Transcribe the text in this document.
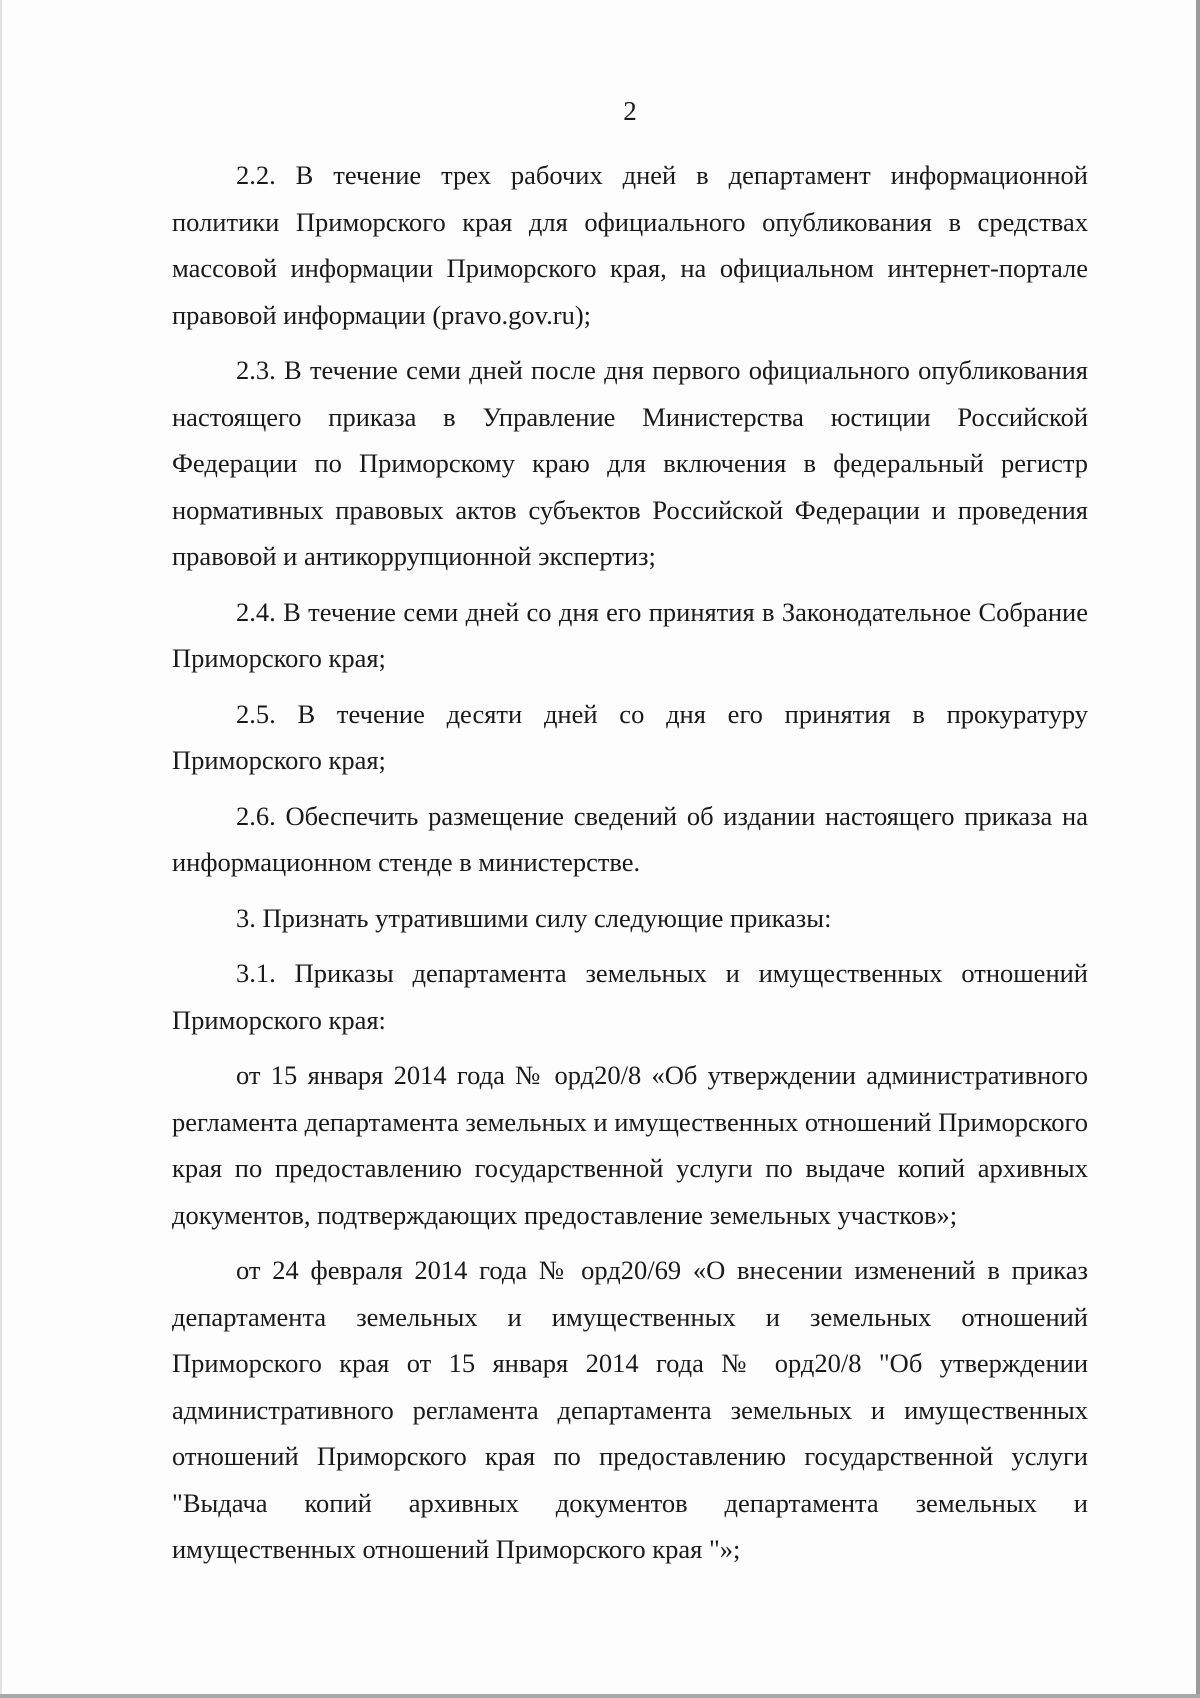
2

2.2. В течение трех рабочих дней в департамент информационной политики Приморского края для официального опубликования в средствах массовой информации Приморского края, на официальном интернет-портале правовой информации (pravo.gov.ru);

2.3. В течение семи дней после дня первого официального опубликования настоящего приказа в Управление Министерства юстиции Российской Федерации по Приморскому краю для включения в федеральный регистр нормативных правовых актов субъектов Российской Федерации и проведения правовой и антикоррупционной экспертиз;

2.4. В течение семи дней со дня его принятия в Законодательное Собрание Приморского края;

2.5. В течение десяти дней со дня его принятия в прокуратуру Приморского края;

2.6. Обеспечить размещение сведений об издании настоящего приказа на информационном стенде в министерстве.

3. Признать утратившими силу следующие приказы:

3.1. Приказы департамента земельных и имущественных отношений Приморского края:

от 15 января 2014 года № орд20/8 «Об утверждении административного регламента департамента земельных и имущественных отношений Приморского края по предоставлению государственной услуги по выдаче копий архивных документов, подтверждающих предоставление земельных участков»;

от 24 февраля 2014 года № орд20/69 «О внесении изменений в приказ департамента земельных и имущественных и земельных отношений Приморского края от 15 января 2014 года № орд20/8 "Об утверждении административного регламента департамента земельных и имущественных отношений Приморского края по предоставлению государственной услуги "Выдача копий архивных документов департамента земельных и имущественных отношений Приморского края "»;
